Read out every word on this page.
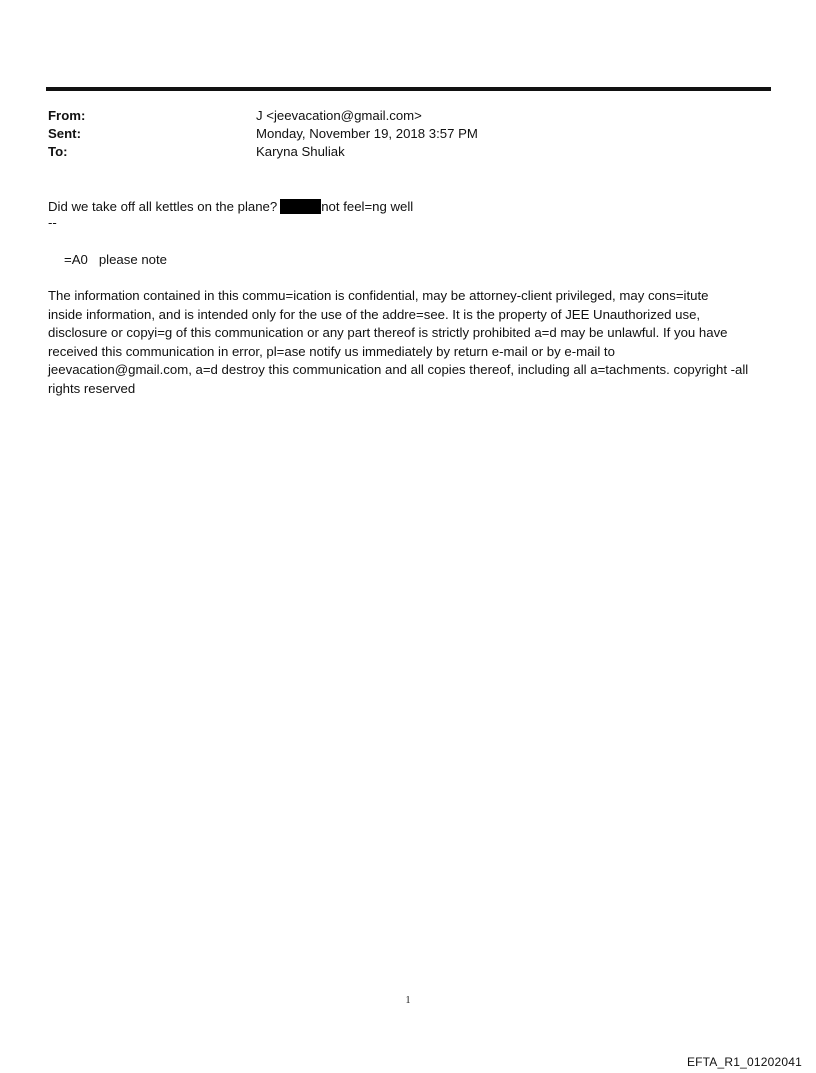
From:	J <jeevacation@gmail.com>
Sent:	Monday, November 19, 2018 3:57 PM
To:	Karyna Shuliak
Did we take off all kettles on the plane?	not feel=ng well
--
=A0   please note
The information contained in this commu=ication is confidential, may be attorney-client privileged, may cons=itute
inside information, and is intended only for the use of the addre=see. It is the property of JEE Unauthorized use,
disclosure or copyi=g of this communication or any part thereof is strictly prohibited a=d may be unlawful. If you have
received this communication in error, pl=ase notify us immediately by return e-mail or by e-mail to
jeevacation@gmail.com, a=d destroy this communication and all copies thereof, including all a=tachments. copyright -all
rights reserved
1
EFTA_R1_01202041
